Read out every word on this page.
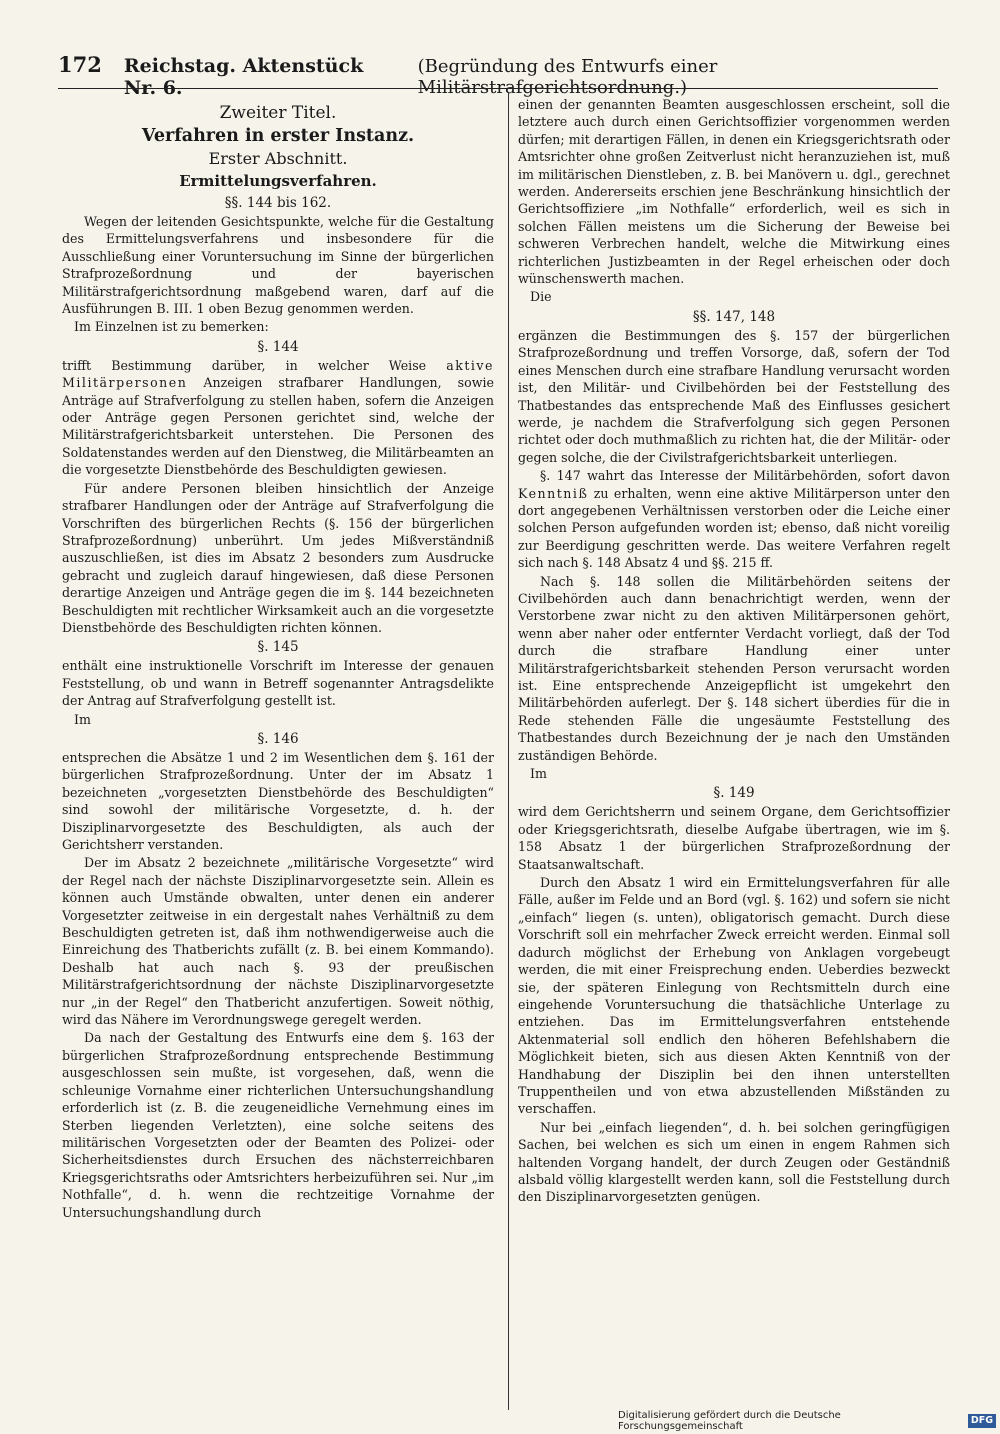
172 Reichstag. Aktenstück Nr. 6.
(Begründung des Entwurfs einer Militärstrafgerichtsordnung.)
Zweiter Titel.
Verfahren in erster Instanz.
Erster Abschnitt.
Ermittelungsverfahren.
§§. 144 bis 162.

Wegen der leitenden Gesichtspunkte, welche für die Gestaltung des Ermittelungsverfahrens und insbesondere für die Ausschließung einer Voruntersuchung im Sinne der bürgerlichen Strafprozeßordnung und der bayerischen Militärstrafgerichtsordnung maßgebend waren, darf auf die Ausführungen B. III. 1 oben Bezug genommen werden.

Im Einzelnen ist zu bemerken:

§. 144

trifft Bestimmung darüber, in welcher Weise aktive Militärpersonen Anzeigen strafbarer Handlungen, sowie Anträge auf Strafverfolgung zu stellen haben, sofern die Anzeigen oder Anträge gegen Personen gerichtet sind, welche der Militärstrafgerichtsbarkeit unterstehen. Die Personen des Soldatenstandes werden auf den Dienstweg, die Militärbeamten an die vorgesetzte Dienstbehörde des Beschuldigten gewiesen.

Für andere Personen bleiben hinsichtlich der Anzeige strafbarer Handlungen oder der Anträge auf Strafverfolgung die Vorschriften des bürgerlichen Rechts (§. 156 der bürgerlichen Strafprozeßordnung) unberührt. Um jedes Mißverständniß auszuschließen, ist dies im Absatz 2 besonders zum Ausdrucke gebracht und zugleich darauf hingewiesen, daß diese Personen derartige Anzeigen und Anträge gegen die im §. 144 bezeichneten Beschuldigten mit rechtlicher Wirksamkeit auch an die vorgesetzte Dienstbehörde des Beschuldigten richten können.

§. 145

enthält eine instruktionelle Vorschrift im Interesse der genauen Feststellung, ob und wann in Betreff sogenannter Antragsdelikte der Antrag auf Strafverfolgung gestellt ist.

Im

§. 146

entsprechen die Absätze 1 und 2 im Wesentlichen dem §. 161 der bürgerlichen Strafprozeßordnung. Unter der im Absatz 1 bezeichneten „vorgesetzten Dienstbehörde des Beschuldigten“ sind sowohl der militärische Vorgesetzte, d. h. der Disziplinarvorgesetzte des Beschuldigten, als auch der Gerichtsherr verstanden.

Der im Absatz 2 bezeichnete „militärische Vorgesetzte“ wird der Regel nach der nächste Disziplinarvorgesetzte sein. Allein es können auch Umstände obwalten, unter denen ein anderer Vorgesetzter zeitweise in ein dergestalt nahes Verhältniß zu dem Beschuldigten getreten ist, daß ihm nothwendigerweise auch die Einreichung des Thatberichts zufällt (z. B. bei einem Kommando). Deshalb hat auch nach §. 93 der preußischen Militärstrafgerichtsordnung der nächste Disziplinarvorgesetzte nur „in der Regel“ den Thatbericht anzufertigen. Soweit nöthig, wird das Nähere im Verordnungswege geregelt werden.

Da nach der Gestaltung des Entwurfs eine dem §. 163 der bürgerlichen Strafprozeßordnung entsprechende Bestimmung ausgeschlossen sein mußte, ist vorgesehen, daß, wenn die schleunige Vornahme einer richterlichen Untersuchungshandlung erforderlich ist (z. B. die zeugeneidliche Vernehmung eines im Sterben liegenden Verletzten), eine solche seitens des militärischen Vorgesetzten oder der Beamten des Polizei- oder Sicherheitsdienstes durch Ersuchen des nächsterreichbaren Kriegsgerichtsraths oder Amtsrichters herbeizuführen sei. Nur „im Nothfalle“, d. h. wenn die rechtzeitige Vornahme der Untersuchungshandlung durch

einen der genannten Beamten ausgeschlossen erscheint, soll die letztere auch durch einen Gerichtsoffizier vorgenommen werden dürfen; mit derartigen Fällen, in denen ein Kriegsgerichtsrath oder Amtsrichter ohne großen Zeitverlust nicht heranzuziehen ist, muß im militärischen Dienstleben, z. B. bei Manövern u. dgl., gerechnet werden. Andererseits erschien jene Beschränkung hinsichtlich der Gerichtsoffiziere „im Nothfalle“ erforderlich, weil es sich in solchen Fällen meistens um die Sicherung der Beweise bei schweren Verbrechen handelt, welche die Mitwirkung eines richterlichen Justizbeamten in der Regel erheischen oder doch wünschenswerth machen.

Die

§§. 147, 148

ergänzen die Bestimmungen des §. 157 der bürgerlichen Strafprozeßordnung und treffen Vorsorge, daß, sofern der Tod eines Menschen durch eine strafbare Handlung verursacht worden ist, den Militär- und Civilbehörden bei der Feststellung des Thatbestandes das entsprechende Maß des Einflusses gesichert werde, je nachdem die Strafverfolgung sich gegen Personen richtet oder doch muthmaßlich zu richten hat, die der Militär- oder gegen solche, die der Civilstrafgerichtsbarkeit unterliegen.

§. 147 wahrt das Interesse der Militärbehörden, sofort davon Kenntniß zu erhalten, wenn eine aktive Militärperson unter den dort angegebenen Verhältnissen verstorben oder die Leiche einer solchen Person aufgefunden worden ist; ebenso, daß nicht voreilig zur Beerdigung geschritten werde. Das weitere Verfahren regelt sich nach §. 148 Absatz 4 und §§. 215 ff.

Nach §. 148 sollen die Militärbehörden seitens der Civilbehörden auch dann benachrichtigt werden, wenn der Verstorbene zwar nicht zu den aktiven Militärpersonen gehört, wenn aber naher oder entfernter Verdacht vorliegt, daß der Tod durch die strafbare Handlung einer unter Militärstrafgerichtsbarkeit stehenden Person verursacht worden ist. Eine entsprechende Anzeigepflicht ist umgekehrt den Militärbehörden auferlegt. Der §. 148 sichert überdies für die in Rede stehenden Fälle die ungesäumte Feststellung des Thatbestandes durch Bezeichnung der je nach den Umständen zuständigen Behörde.

Im

§. 149

wird dem Gerichtsherrn und seinem Organe, dem Gerichtsoffizier oder Kriegsgerichtsrath, dieselbe Aufgabe übertragen, wie im §. 158 Absatz 1 der bürgerlichen Strafprozeßordnung der Staatsanwaltschaft.

Durch den Absatz 1 wird ein Ermittelungsverfahren für alle Fälle, außer im Felde und an Bord (vgl. §. 162) und sofern sie nicht „einfach“ liegen (s. unten), obligatorisch gemacht. Durch diese Vorschrift soll ein mehrfacher Zweck erreicht werden. Einmal soll dadurch möglichst der Erhebung von Anklagen vorgebeugt werden, die mit einer Freisprechung enden. Ueberdies bezweckt sie, der späteren Einlegung von Rechtsmitteln durch eine eingehende Voruntersuchung die thatsächliche Unterlage zu entziehen. Das im Ermittelungsverfahren entstehende Aktenmaterial soll endlich den höheren Befehlshabern die Möglichkeit bieten, sich aus diesen Akten Kenntniß von der Handhabung der Disziplin bei den ihnen unterstellten Truppentheilen und von etwa abzustellenden Mißständen zu verschaffen.

Nur bei „einfach liegenden“, d. h. bei solchen geringfügigen Sachen, bei welchen es sich um einen in engem Rahmen sich haltenden Vorgang handelt, der durch Zeugen oder Geständniß alsbald völlig klargestellt werden kann, soll die Feststellung durch den Disziplinarvorgesetzten genügen.

Digitalisierung gefördert durch die Deutsche Forschungsgemeinschaft
DFG
